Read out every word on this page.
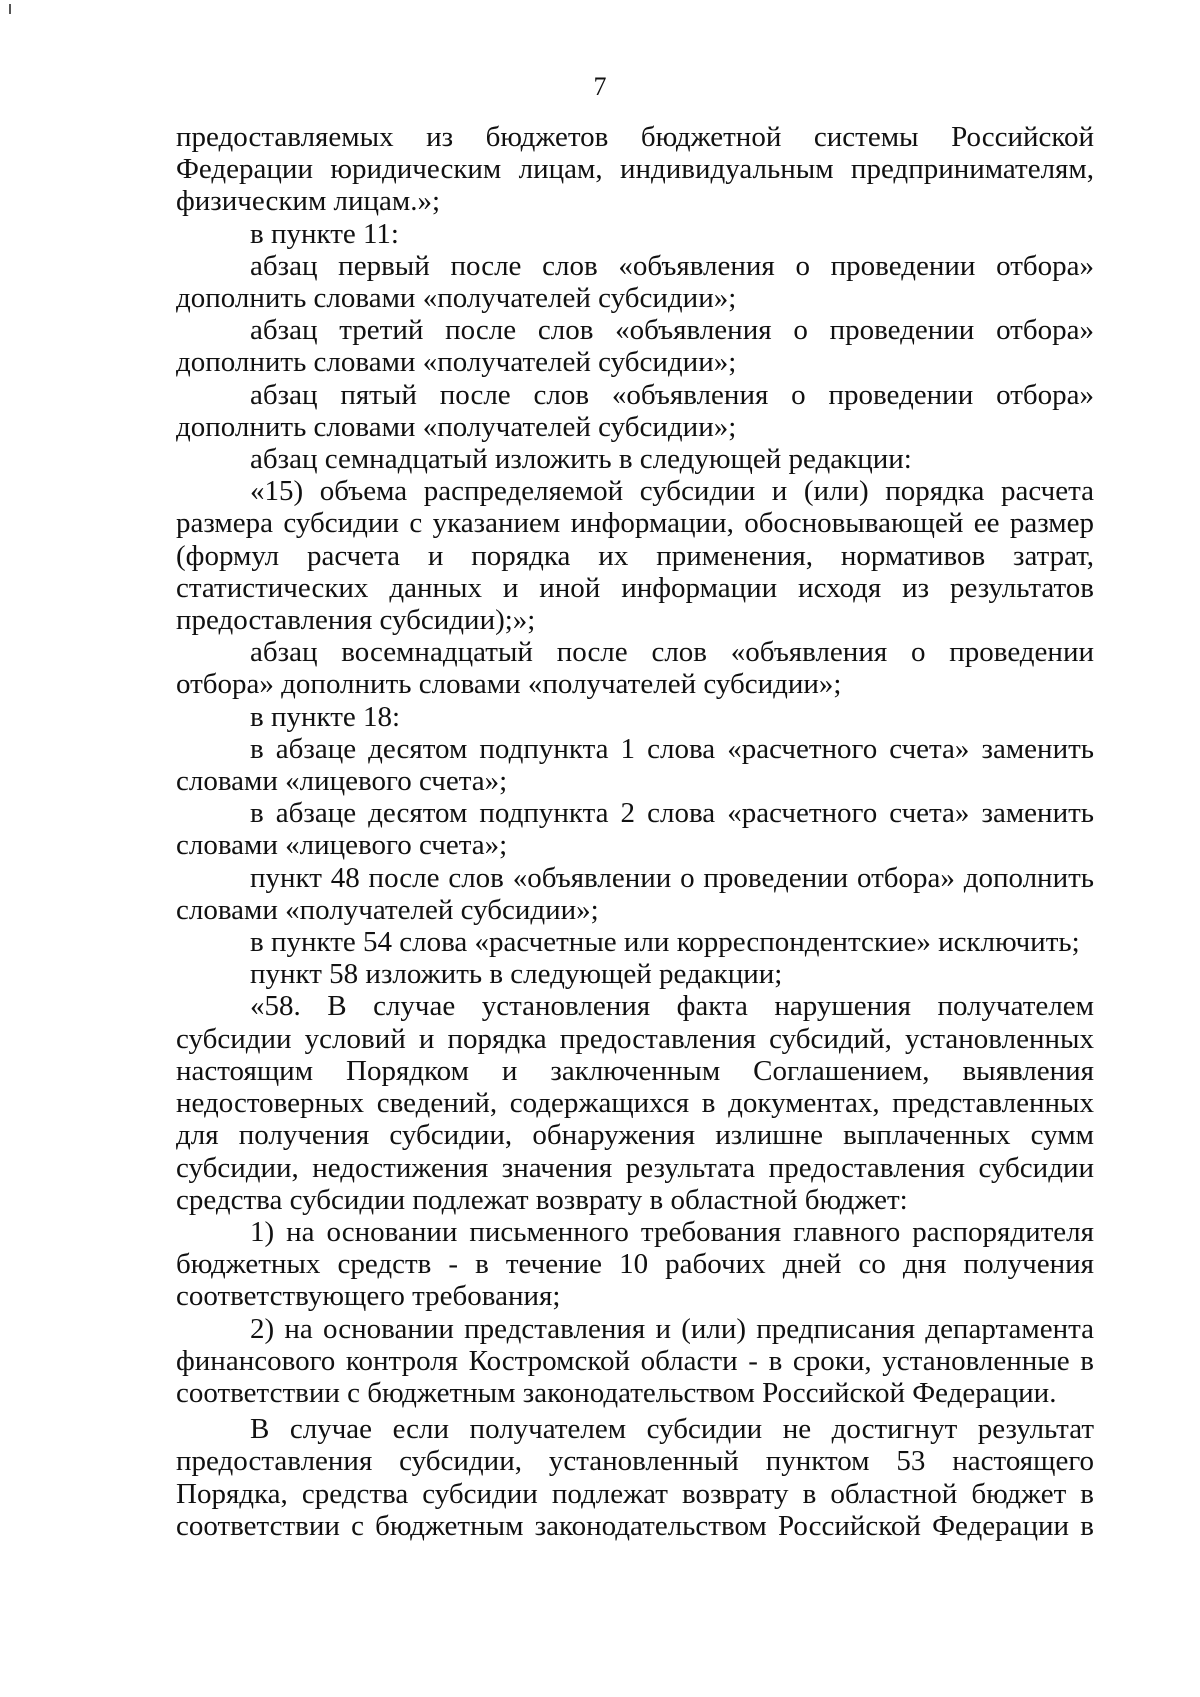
7

предоставляемых из бюджетов бюджетной системы Российской Федерации юридическим лицам, индивидуальным предпринимателям, физическим лицам.»;

в пункте 11:

абзац первый после слов «объявления о проведении отбора» дополнить словами «получателей субсидии»;

абзац третий после слов «объявления о проведении отбора» дополнить словами «получателей субсидии»;

абзац пятый после слов «объявления о проведении отбора» дополнить словами «получателей субсидии»;

абзац семнадцатый изложить в следующей редакции:

«15) объема распределяемой субсидии и (или) порядка расчета размера субсидии с указанием информации, обосновывающей ее размер (формул расчета и порядка их применения, нормативов затрат, статистических данных и иной информации исходя из результатов предоставления субсидии);»;

абзац восемнадцатый после слов «объявления о проведении отбора» дополнить словами «получателей субсидии»;

в пункте 18:

в абзаце десятом подпункта 1 слова «расчетного счета» заменить словами «лицевого счета»;

в абзаце десятом подпункта 2 слова «расчетного счета» заменить словами «лицевого счета»;

пункт 48 после слов «объявлении о проведении отбора» дополнить словами «получателей субсидии»;

в пункте 54 слова «расчетные или корреспондентские» исключить;

пункт 58 изложить в следующей редакции;

«58. В случае установления факта нарушения получателем субсидии условий и порядка предоставления субсидий, установленных настоящим Порядком и заключенным Соглашением, выявления недостоверных сведений, содержащихся в документах, представленных для получения субсидии, обнаружения излишне выплаченных сумм субсидии, недостижения значения результата предоставления субсидии средства субсидии подлежат возврату в областной бюджет:

1) на основании письменного требования главного распорядителя бюджетных средств - в течение 10 рабочих дней со дня получения соответствующего требования;

2) на основании представления и (или) предписания департамента финансового контроля Костромской области - в сроки, установленные в соответствии с бюджетным законодательством Российской Федерации.

В случае если получателем субсидии не достигнут результат предоставления субсидии, установленный пунктом 53 настоящего Порядка, средства субсидии подлежат возврату в областной бюджет в соответствии с бюджетным законодательством Российской Федерации в
